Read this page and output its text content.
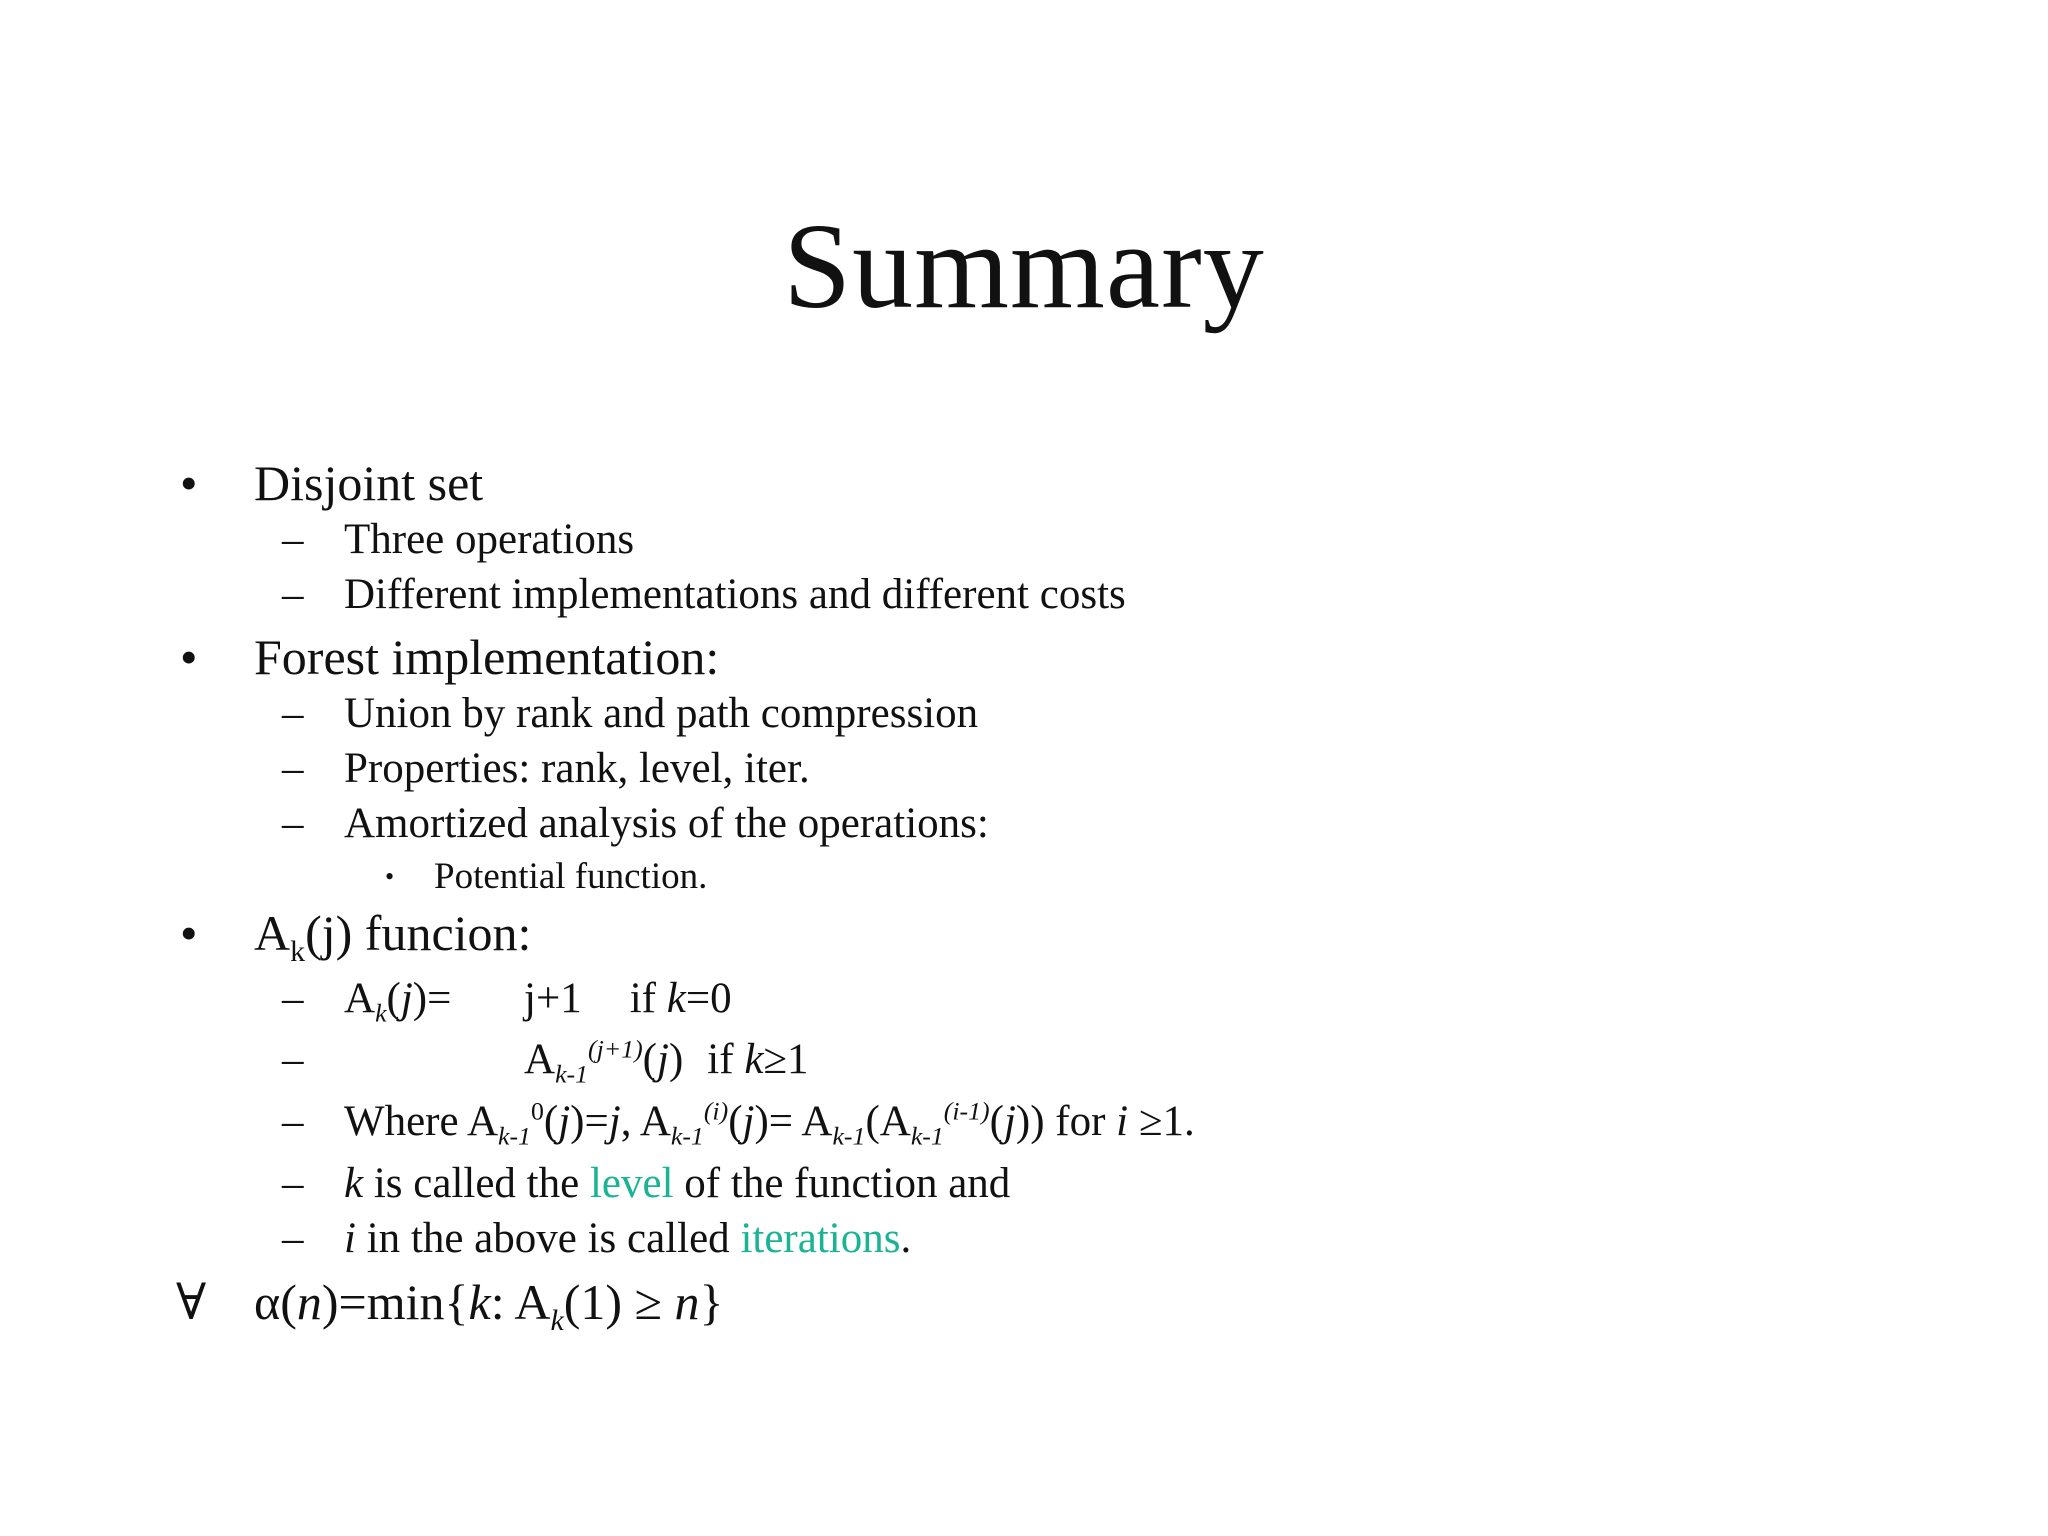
Summary
• Disjoint set
– Three operations
– Different implementations and different costs
• Forest implementation:
– Union by rank and path compression
– Properties: rank, level, iter.
– Amortized analysis of the operations:
• Potential function.
• $A_k(j)$ funcion:
– $A_k(j)= j+1$ if k=0
–	$A_{k-1}^{(j+1)}(j)$ if k≥1
– Where $A_{k-1}^0(j)=j$, $A_{k-1}^{(i)}(j)= A_{k-1}(A_{k-1}^{(i-1)}(j))$ for i ≥1.
– k is called the level of the function and
– i in the above is called iterations.
∀ α(n)=min{k: $A_k(1) \ge n$}
